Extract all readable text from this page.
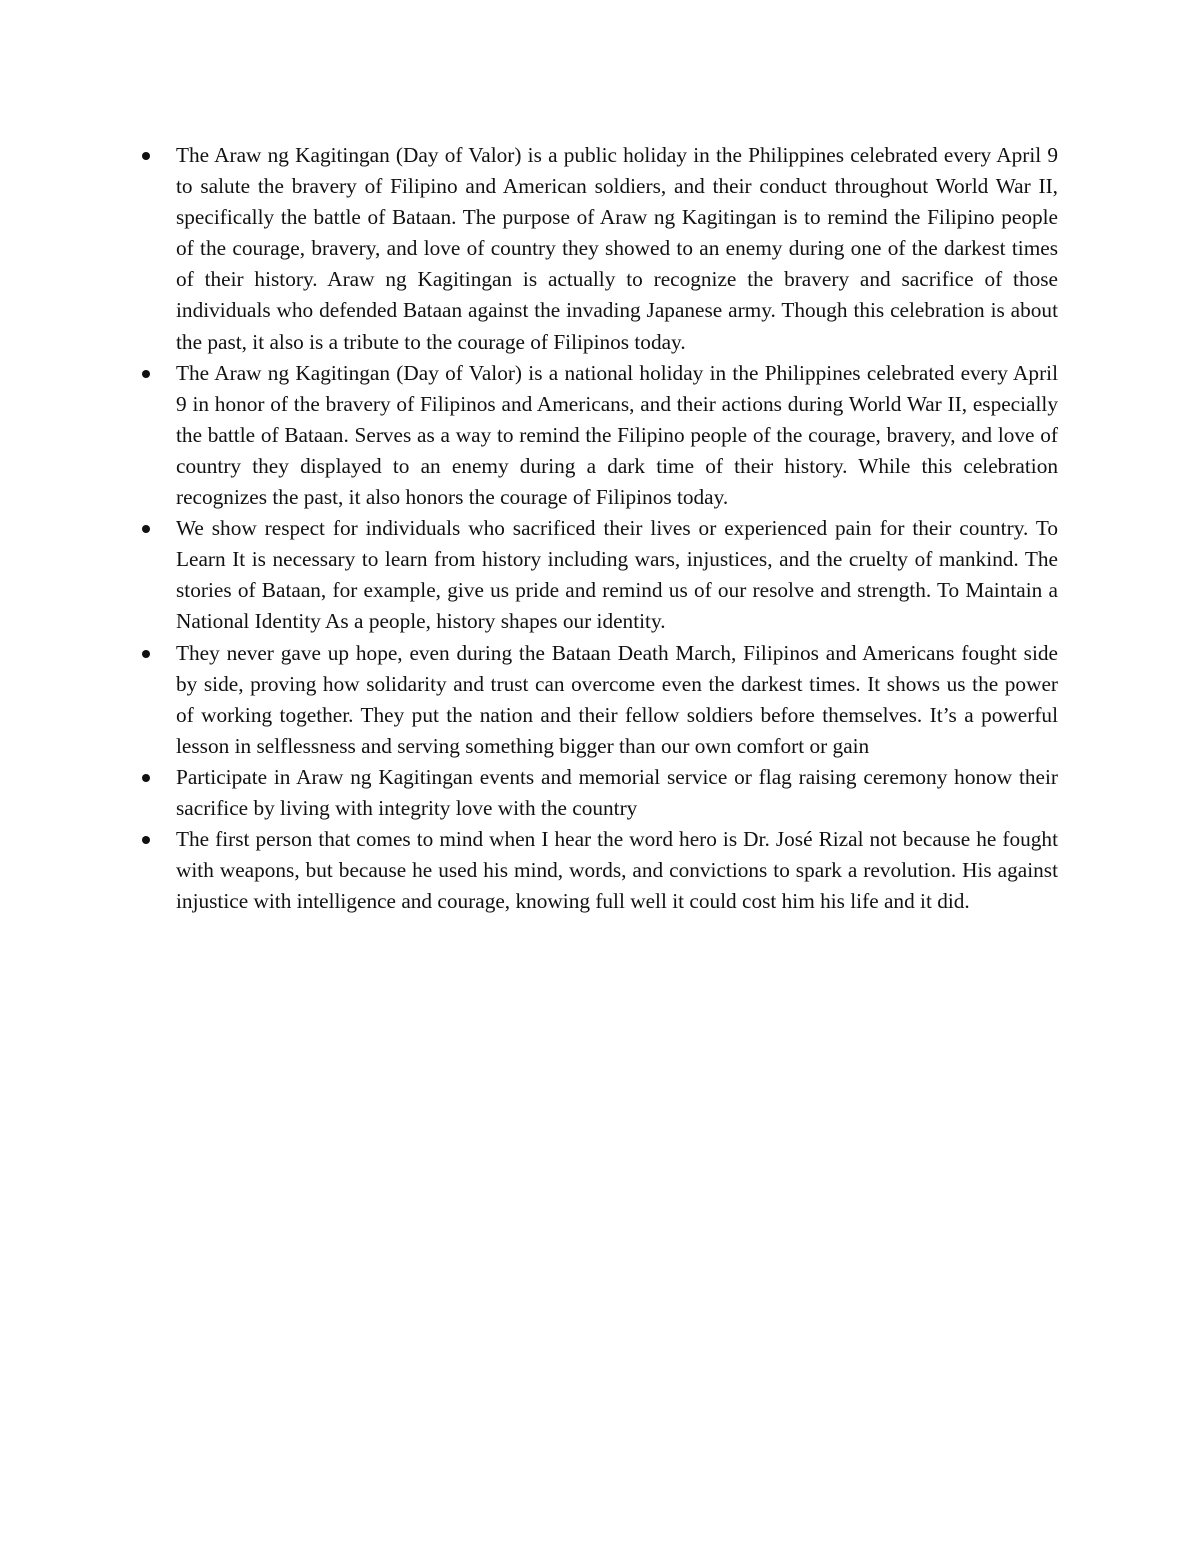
The Araw ng Kagitingan (Day of Valor) is a public holiday in the Philippines celebrated every April 9 to salute the bravery of Filipino and American soldiers, and their conduct throughout World War II, specifically the battle of Bataan. The purpose of Araw ng Kagitingan is to remind the Filipino people of the courage, bravery, and love of country they showed to an enemy during one of the darkest times of their history. Araw ng Kagitingan is actually to recognize the bravery and sacrifice of those individuals who defended Bataan against the invading Japanese army. Though this celebration is about the past, it also is a tribute to the courage of Filipinos today.
The Araw ng Kagitingan (Day of Valor) is a national holiday in the Philippines celebrated every April 9 in honor of the bravery of Filipinos and Americans, and their actions during World War II, especially the battle of Bataan. Serves as a way to remind the Filipino people of the courage, bravery, and love of country they displayed to an enemy during a dark time of their history. While this celebration recognizes the past, it also honors the courage of Filipinos today.
We show respect for individuals who sacrificed their lives or experienced pain for their country. To Learn It is necessary to learn from history including wars, injustices, and the cruelty of mankind. The stories of Bataan, for example, give us pride and remind us of our resolve and strength. To Maintain a National Identity As a people, history shapes our identity.
They never gave up hope, even during the Bataan Death March, Filipinos and Americans fought side by side, proving how solidarity and trust can overcome even the darkest times. It shows us the power of working together. They put the nation and their fellow soldiers before themselves. It’s a powerful lesson in selflessness and serving something bigger than our own comfort or gain
Participate in Araw ng Kagitingan events and memorial service or flag raising ceremony honow their sacrifice by living with integrity love with the country
The first person that comes to mind when I hear the word hero is Dr. José Rizal not because he fought with weapons, but because he used his mind, words, and convictions to spark a revolution. His against injustice with intelligence and courage, knowing full well it could cost him his life and it did.
